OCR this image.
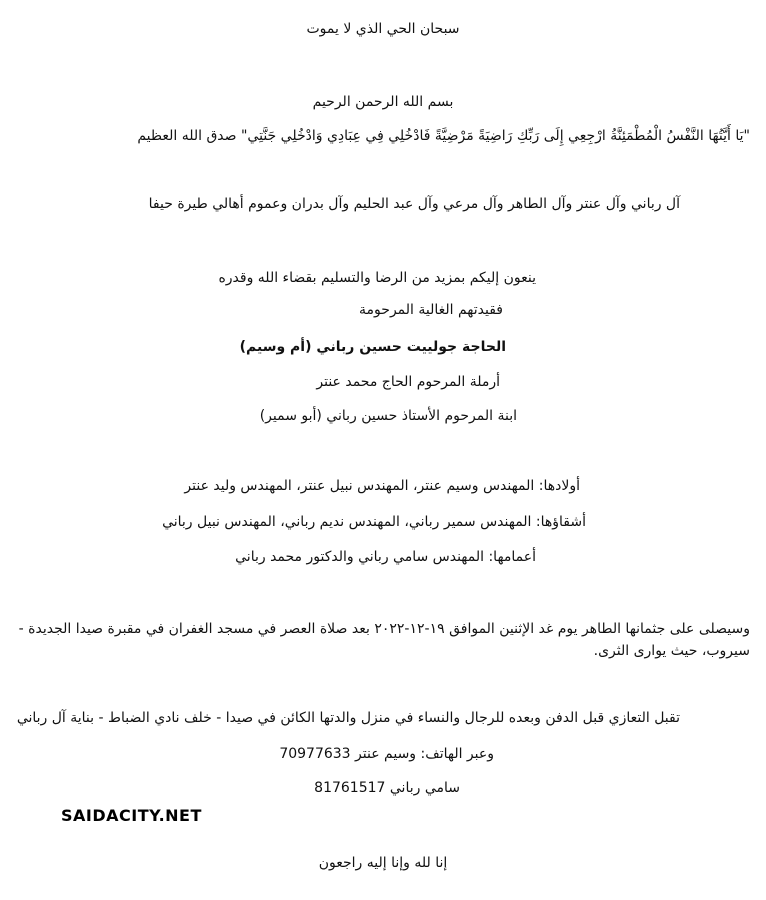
سبحان الحي الذي لا يموت
بسم الله الرحمن الرحيم
"يَا أَيَّتُهَا النَّفْسُ الْمُطْمَئِنَّةُ ارْجِعِي إِلَى رَبِّكِ رَاضِيَةً مَرْضِيَّةً فَادْخُلِي فِي عِبَادِي وَادْخُلِي جَنَّتِي" صدق الله العظيم
آل رباني وآل عنتر وآل الطاهر وآل مرعي وآل عبد الحليم وآل بدران وعموم أهالي طيرة حيفا
ينعون إليكم بمزيد من الرضا والتسليم بقضاء الله وقدره
فقيدتهم الغالية المرحومة
الحاجة جولييت حسين رباني (أم وسيم)
أرملة المرحوم الحاج محمد عنتر
ابنة المرحوم الأستاذ حسين رباني (أبو سمير)
أولادها: المهندس وسيم عنتر، المهندس نبيل عنتر، المهندس وليد عنتر
أشقاؤها: المهندس سمير رباني، المهندس نديم رباني، المهندس نبيل رباني
أعمامها: المهندس سامي رباني والدكتور محمد رباني
وسيصلى على جثمانها الطاهر يوم غد الإثنين الموافق ١٩-١٢-٢٠٢٢ بعد صلاة العصر في مسجد الغفران في مقبرة صيدا الجديدة -
سيروب، حيث يوارى الثرى.
تقبل التعازي قبل الدفن وبعده للرجال والنساء في منزل والدتها الكائن في صيدا - خلف نادي الضباط - بناية آل رباني
وعبر الهاتف: وسيم عنتر 70977633
سامي رباني 81761517
SAIDACITY.NET
إنا لله وإنا إليه راجعون
